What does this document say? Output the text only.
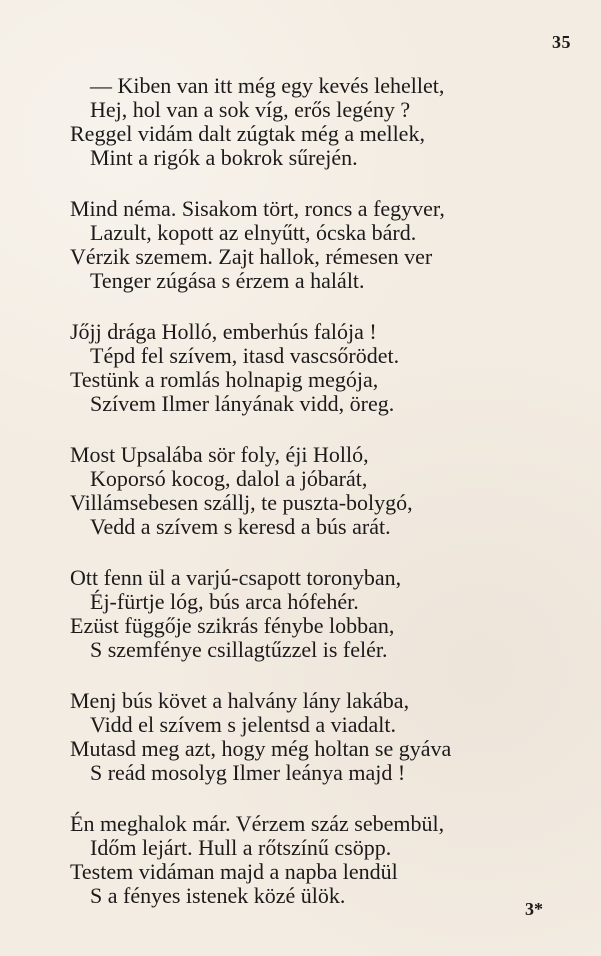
35
— Kiben van itt még egy kevés lehellet,
Hej, hol van a sok víg, erős legény ?
Reggel vidám dalt zúgtak még a mellek,
Mint a rigók a bokrok sűrején.
Mind néma. Sisakom tört, roncs a fegyver,
Lazult, kopott az elnyűtt, ócska bárd.
Vérzik szemem. Zajt hallok, rémesen ver
Tenger zúgása s érzem a halált.
Jőjj drága Holló, emberhús falója !
Tépd fel szívem, itasd vascsőrödet.
Testünk a romlás holnapig megója,
Szívem Ilmer lányának vidd, öreg.
Most Upsalába sör foly, éji Holló,
Koporsó kocog, dalol a jóbarát,
Villámsebesen szállj, te puszta-bolygó,
Vedd a szívem s keresd a bús arát.
Ott fenn ül a varjú-csapott toronyban,
Éj-fürtje lóg, bús arca hófehér.
Ezüst függője szikrás fénybe lobban,
S szemfénye csillagtűzzel is felér.
Menj bús követ a halvány lány lakába,
Vidd el szívem s jelentsd a viadalt.
Mutasd meg azt, hogy még holtan se gyáva
S reád mosolyg Ilmer leánya majd !
Én meghalok már. Vérzem száz sebembül,
Időm lejárt. Hull a rőtszínű csöpp.
Testem vidáman majd a napba lendül
S a fényes istenek közé ülök.
3*
